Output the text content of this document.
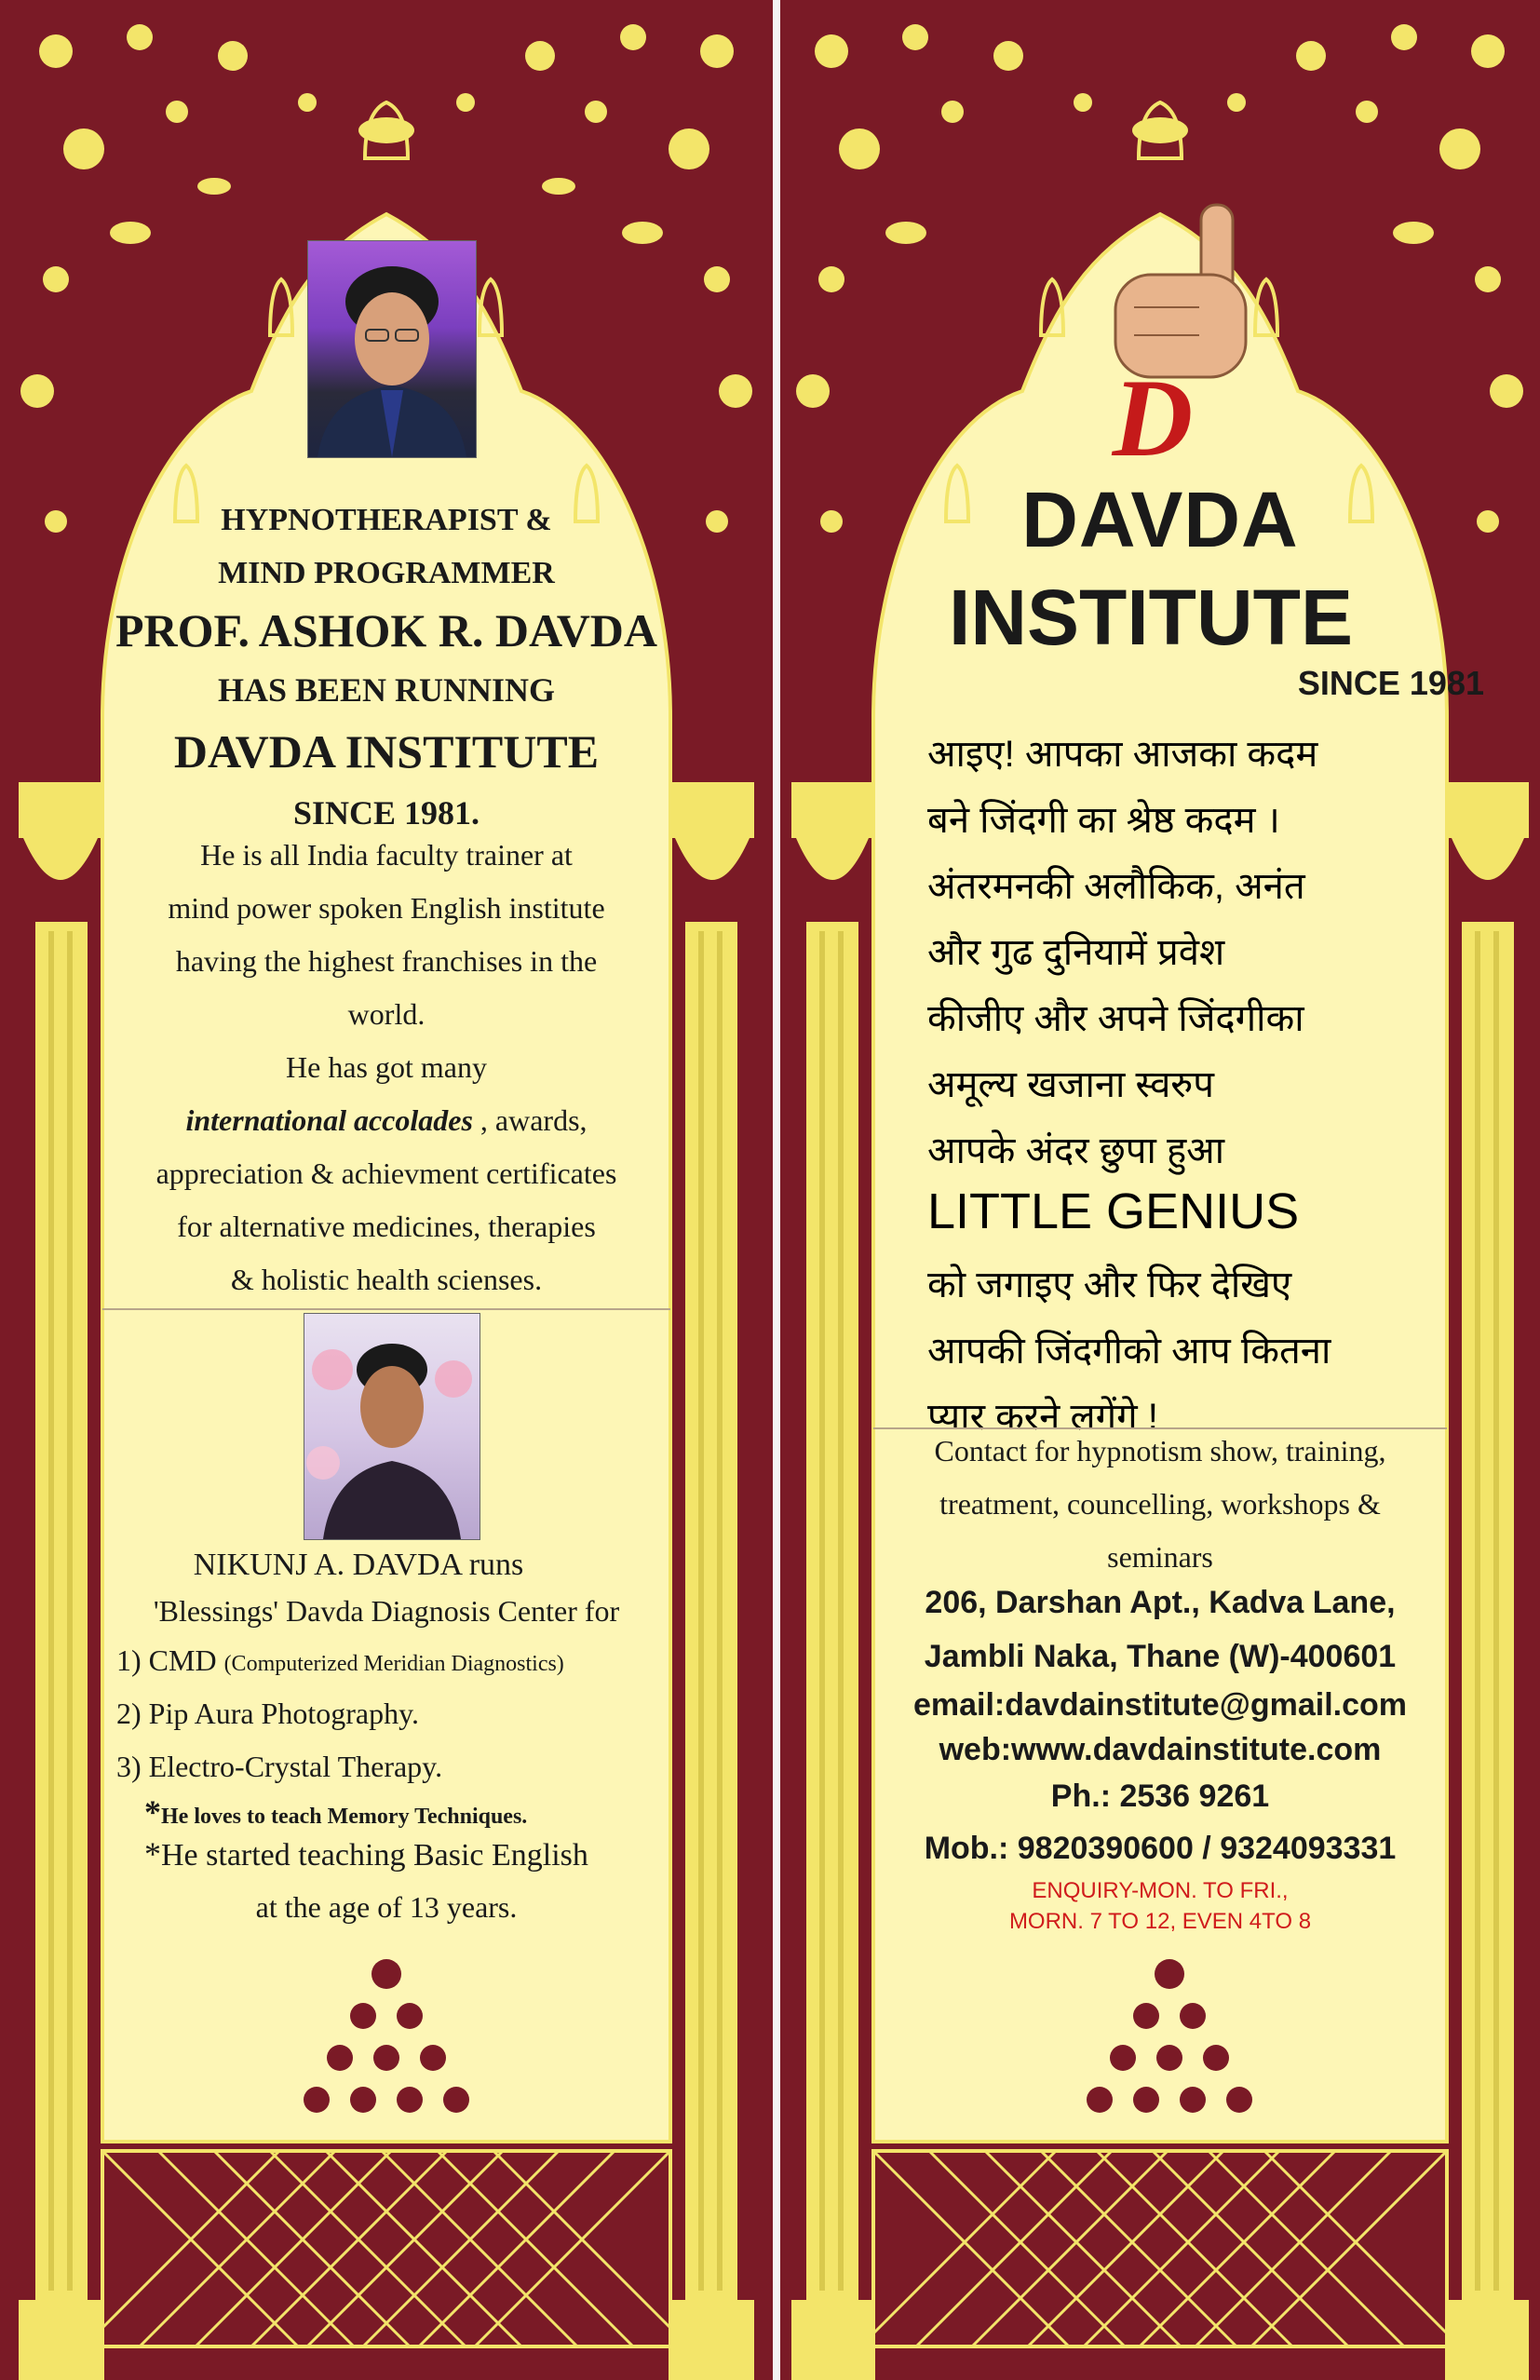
HYPNOTHERAPIST &
MIND PROGRAMMER
PROF. ASHOK R. DAVDA
HAS BEEN RUNNING
DAVDA INSTITUTE
SINCE 1981.
He is all India faculty trainer at
mind power spoken English institute
having the highest franchises in the
world.
He has got many
international accolades , awards,
appreciation & achievment certificates
for alternative medicines, therapies
& holistic health scienses.
NIKUNJ A. DAVDA runs
'Blessings' Davda Diagnosis Center for
1) CMD (Computerized Meridian Diagnostics)
2) Pip Aura Photography.
3) Electro-Crystal Therapy.
*He loves to teach Memory Techniques.
*He started teaching Basic English
at the age of 13 years.
D
DAVDA
INSTITUTE
SINCE 1981
आइए! आपका आजका कदम
बने जिंदगी का श्रेष्ठ कदम ।
अंतरमनकी अलौकिक, अनंत
और गुढ दुनियामें प्रवेश
कीजीए और अपने जिंदगीका
अमूल्य खजाना स्वरुप
आपके अंदर छुपा हुआ
LITTLE GENIUS
को जगाइए और फिर देखिए
आपकी जिंदगीको आप कितना
प्यार करने लगेंगे !
Contact for hypnotism show, training,
treatment, councelling, workshops &
seminars
206, Darshan Apt., Kadva Lane,
Jambli Naka, Thane (W)-400601
email:davdainstitute@gmail.com
web:www.davdainstitute.com
Ph.: 2536 9261
Mob.: 9820390600 / 9324093331
ENQUIRY-MON. TO FRI.,
MORN. 7 TO 12, EVEN 4TO 8
